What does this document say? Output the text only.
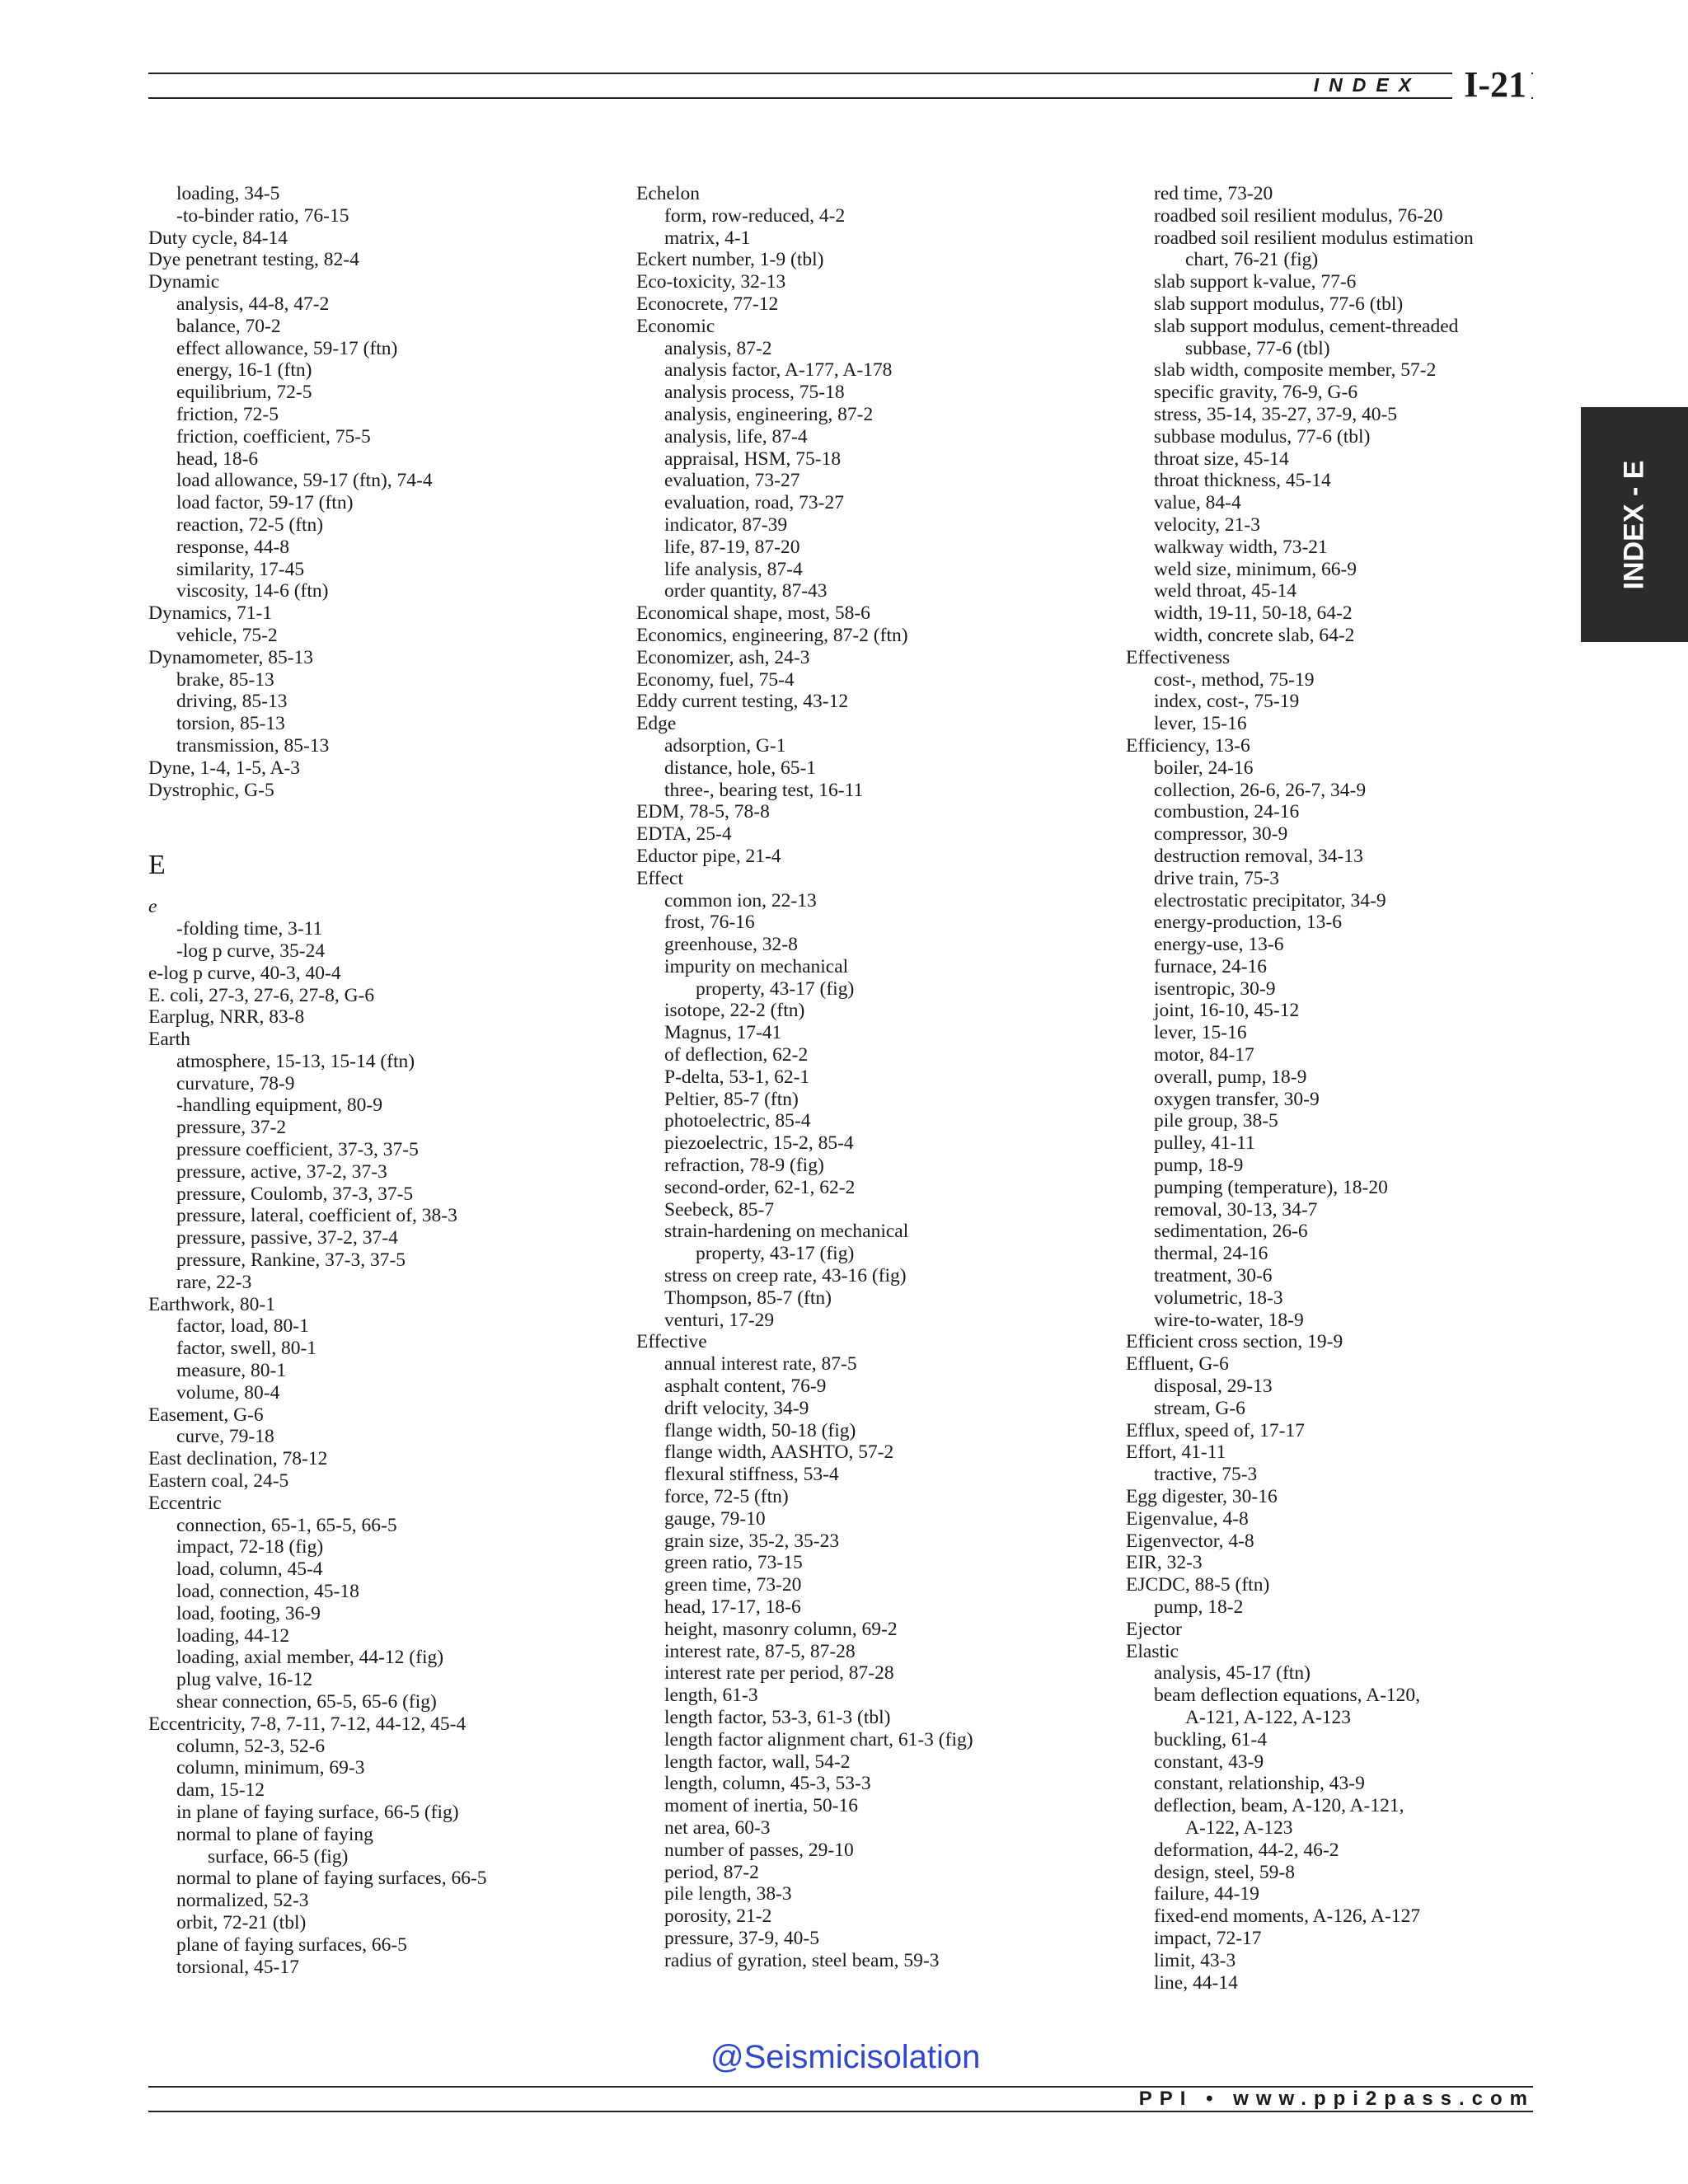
INDEX	I-21
INDEX - E
loading, 34-5
-to-binder ratio, 76-15
Duty cycle, 84-14
Dye penetrant testing, 82-4
Dynamic
analysis, 44-8, 47-2
balance, 70-2
effect allowance, 59-17 (ftn)
energy, 16-1 (ftn)
equilibrium, 72-5
friction, 72-5
friction, coefficient, 75-5
head, 18-6
load allowance, 59-17 (ftn), 74-4
load factor, 59-17 (ftn)
reaction, 72-5 (ftn)
response, 44-8
similarity, 17-45
viscosity, 14-6 (ftn)
Dynamics, 71-1
vehicle, 75-2
Dynamometer, 85-13
brake, 85-13
driving, 85-13
torsion, 85-13
transmission, 85-13
Dyne, 1-4, 1-5, A-3
Dystrophic, G-5
E
e
-folding time, 3-11
-log p curve, 35-24
e-log p curve, 40-3, 40-4
E. coli, 27-3, 27-6, 27-8, G-6
Earplug, NRR, 83-8
Earth
atmosphere, 15-13, 15-14 (ftn)
curvature, 78-9
-handling equipment, 80-9
pressure, 37-2
pressure coefficient, 37-3, 37-5
pressure, active, 37-2, 37-3
pressure, Coulomb, 37-3, 37-5
pressure, lateral, coefficient of, 38-3
pressure, passive, 37-2, 37-4
pressure, Rankine, 37-3, 37-5
rare, 22-3
Earthwork, 80-1
factor, load, 80-1
factor, swell, 80-1
measure, 80-1
volume, 80-4
Easement, G-6
curve, 79-18
East declination, 78-12
Eastern coal, 24-5
Eccentric
connection, 65-1, 65-5, 66-5
impact, 72-18 (fig)
load, column, 45-4
load, connection, 45-18
load, footing, 36-9
loading, 44-12
loading, axial member, 44-12 (fig)
plug valve, 16-12
shear connection, 65-5, 65-6 (fig)
Eccentricity, 7-8, 7-11, 7-12, 44-12, 45-4
column, 52-3, 52-6
column, minimum, 69-3
dam, 15-12
in plane of faying surface, 66-5 (fig)
normal to plane of faying
surface, 66-5 (fig)
normal to plane of faying surfaces, 66-5
normalized, 52-3
orbit, 72-21 (tbl)
plane of faying surfaces, 66-5
torsional, 45-17
Echelon
form, row-reduced, 4-2
matrix, 4-1
Eckert number, 1-9 (tbl)
Eco-toxicity, 32-13
Econocrete, 77-12
Economic
analysis, 87-2
analysis factor, A-177, A-178
analysis process, 75-18
analysis, engineering, 87-2
analysis, life, 87-4
appraisal, HSM, 75-18
evaluation, 73-27
evaluation, road, 73-27
indicator, 87-39
life, 87-19, 87-20
life analysis, 87-4
order quantity, 87-43
Economical shape, most, 58-6
Economics, engineering, 87-2 (ftn)
Economizer, ash, 24-3
Economy, fuel, 75-4
Eddy current testing, 43-12
Edge
adsorption, G-1
distance, hole, 65-1
three-, bearing test, 16-11
EDM, 78-5, 78-8
EDTA, 25-4
Eductor pipe, 21-4
Effect
common ion, 22-13
frost, 76-16
greenhouse, 32-8
impurity on mechanical
property, 43-17 (fig)
isotope, 22-2 (ftn)
Magnus, 17-41
of deflection, 62-2
P-delta, 53-1, 62-1
Peltier, 85-7 (ftn)
photoelectric, 85-4
piezoelectric, 15-2, 85-4
refraction, 78-9 (fig)
second-order, 62-1, 62-2
Seebeck, 85-7
strain-hardening on mechanical
property, 43-17 (fig)
stress on creep rate, 43-16 (fig)
Thompson, 85-7 (ftn)
venturi, 17-29
Effective
annual interest rate, 87-5
asphalt content, 76-9
drift velocity, 34-9
flange width, 50-18 (fig)
flange width, AASHTO, 57-2
flexural stiffness, 53-4
force, 72-5 (ftn)
gauge, 79-10
grain size, 35-2, 35-23
green ratio, 73-15
green time, 73-20
head, 17-17, 18-6
height, masonry column, 69-2
interest rate, 87-5, 87-28
interest rate per period, 87-28
length, 61-3
length factor, 53-3, 61-3 (tbl)
length factor alignment chart, 61-3 (fig)
length factor, wall, 54-2
length, column, 45-3, 53-3
moment of inertia, 50-16
net area, 60-3
number of passes, 29-10
period, 87-2
pile length, 38-3
porosity, 21-2
pressure, 37-9, 40-5
radius of gyration, steel beam, 59-3
red time, 73-20
roadbed soil resilient modulus, 76-20
roadbed soil resilient modulus estimation
chart, 76-21 (fig)
slab support k-value, 77-6
slab support modulus, 77-6 (tbl)
slab support modulus, cement-threaded
subbase, 77-6 (tbl)
slab width, composite member, 57-2
specific gravity, 76-9, G-6
stress, 35-14, 35-27, 37-9, 40-5
subbase modulus, 77-6 (tbl)
throat size, 45-14
throat thickness, 45-14
value, 84-4
velocity, 21-3
walkway width, 73-21
weld size, minimum, 66-9
weld throat, 45-14
width, 19-11, 50-18, 64-2
width, concrete slab, 64-2
Effectiveness
cost-, method, 75-19
index, cost-, 75-19
lever, 15-16
Efficiency, 13-6
boiler, 24-16
collection, 26-6, 26-7, 34-9
combustion, 24-16
compressor, 30-9
destruction removal, 34-13
drive train, 75-3
electrostatic precipitator, 34-9
energy-production, 13-6
energy-use, 13-6
furnace, 24-16
isentropic, 30-9
joint, 16-10, 45-12
lever, 15-16
motor, 84-17
overall, pump, 18-9
oxygen transfer, 30-9
pile group, 38-5
pulley, 41-11
pump, 18-9
pumping (temperature), 18-20
removal, 30-13, 34-7
sedimentation, 26-6
thermal, 24-16
treatment, 30-6
volumetric, 18-3
wire-to-water, 18-9
Efficient cross section, 19-9
Effluent, G-6
disposal, 29-13
stream, G-6
Efflux, speed of, 17-17
Effort, 41-11
tractive, 75-3
Egg digester, 30-16
Eigenvalue, 4-8
Eigenvector, 4-8
EIR, 32-3
EJCDC, 88-5 (ftn)
pump, 18-2
Ejector
Elastic
analysis, 45-17 (ftn)
beam deflection equations, A-120,
A-121, A-122, A-123
buckling, 61-4
constant, 43-9
constant, relationship, 43-9
deflection, beam, A-120, A-121,
A-122, A-123
deformation, 44-2, 46-2
design, steel, 59-8
failure, 44-19
fixed-end moments, A-126, A-127
impact, 72-17
limit, 43-3
line, 44-14
@Seismicisolation
PPI • www.ppi2pass.com
